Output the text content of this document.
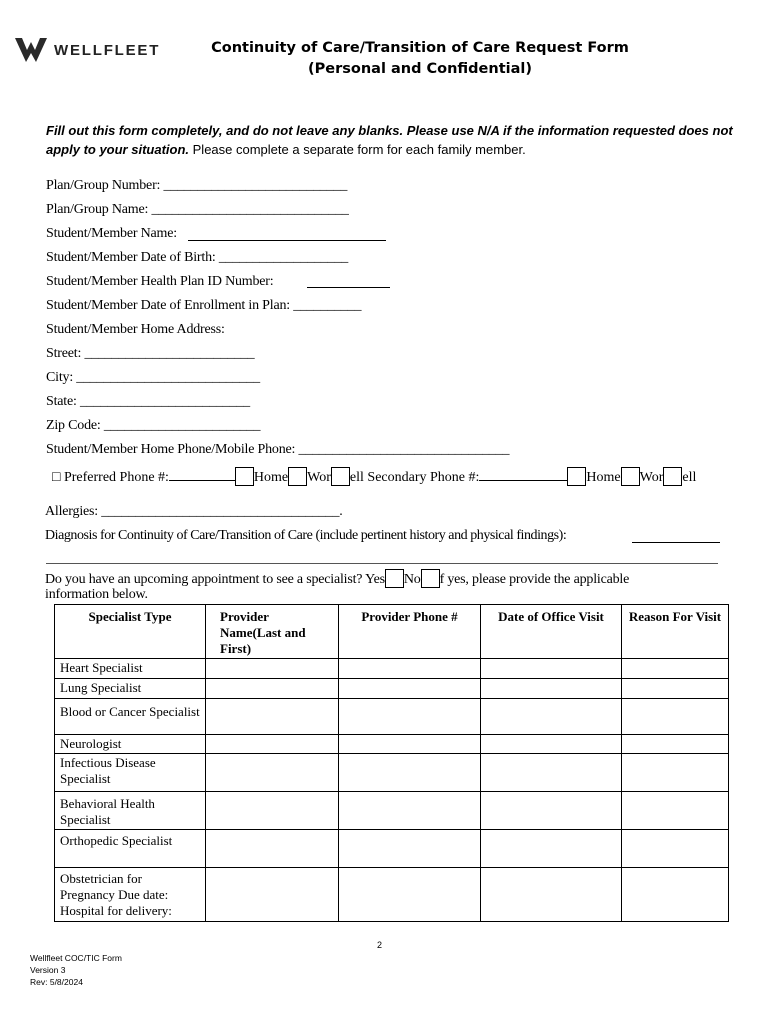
WELLFLEET	Continuity of Care/Transition of Care Request Form
(Personal and Confidential)
Fill out this form completely, and do not leave any blanks. Please use N/A if the information requested does not apply to your situation. Please complete a separate form for each family member.
Plan/Group Number: ___________________________
Plan/Group Name: _____________________________
Student/Member Name:
Student/Member Date of Birth: ___________________
Student/Member Health Plan ID Number:
Student/Member Date of Enrollment in Plan: __________
Student/Member Home Address:
Street: _________________________
City: ___________________________
State: _________________________
Zip Code: _______________________
Student/Member Home Phone/Mobile Phone: _______________________________
□ Preferred Phone #:	Home Wor ell Secondary Phone #:	Home Wor ell
Allergies: ___________________________________.
Diagnosis for Continuity of Care/Transition of Care (include pertinent history and physical findings):
Do you have an upcoming appointment to see a specialist? Yes No f yes, please provide the applicable
information below.
Specialist Type	Provider Name(Last and First)	Provider Phone #	Date of Office Visit	Reason For Visit
Heart Specialist				
Lung Specialist				
Blood or Cancer Specialist				
Neurologist				
Infectious Disease Specialist				
Behavioral Health Specialist				
Orthopedic Specialist				
Obstetrician for Pregnancy Due date: Hospital for delivery:				
2
Wellfleet COC/TIC Form
Version 3
Rev: 5/8/2024
